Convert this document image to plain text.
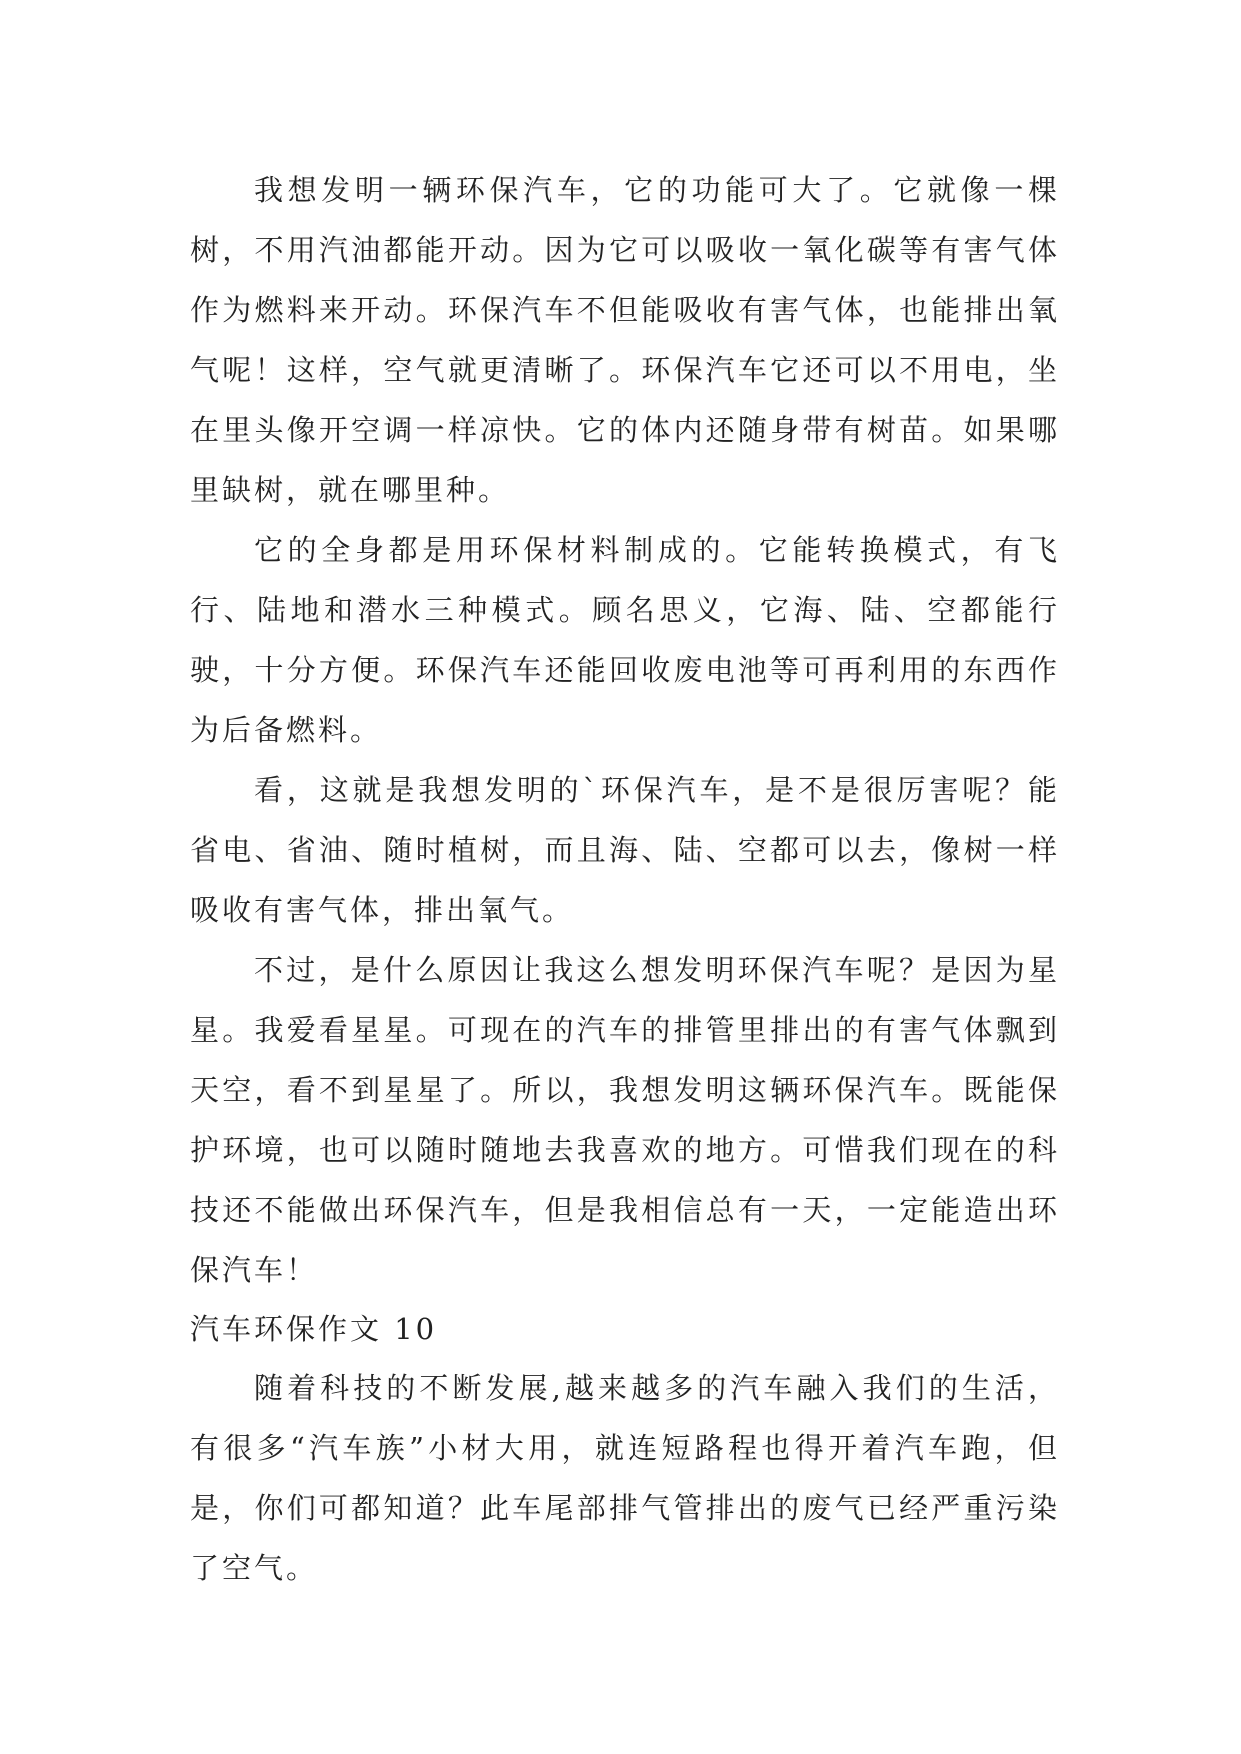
我想发明一辆环保汽车，它的功能可大了。它就像一棵树，不用汽油都能开动。因为它可以吸收一氧化碳等有害气体作为燃料来开动。环保汽车不但能吸收有害气体，也能排出氧气呢！这样，空气就更清晰了。环保汽车它还可以不用电，坐在里头像开空调一样凉快。它的体内还随身带有树苗。如果哪里缺树，就在哪里种。

它的全身都是用环保材料制成的。它能转换模式，有飞行、陆地和潜水三种模式。顾名思义，它海、陆、空都能行驶，十分方便。环保汽车还能回收废电池等可再利用的东西作为后备燃料。

看，这就是我想发明的`环保汽车，是不是很厉害呢？能省电、省油、随时植树，而且海、陆、空都可以去，像树一样吸收有害气体，排出氧气。

不过，是什么原因让我这么想发明环保汽车呢？是因为星星。我爱看星星。可现在的汽车的排管里排出的有害气体飘到天空，看不到星星了。所以，我想发明这辆环保汽车。既能保护环境，也可以随时随地去我喜欢的地方。可惜我们现在的科技还不能做出环保汽车，但是我相信总有一天，一定能造出环保汽车！

汽车环保作文 10

随着科技的不断发展,越来越多的汽车融入我们的生活，有很多“汽车族”小材大用，就连短路程也得开着汽车跑，但是，你们可都知道？此车尾部排气管排出的废气已经严重污染了空气。
